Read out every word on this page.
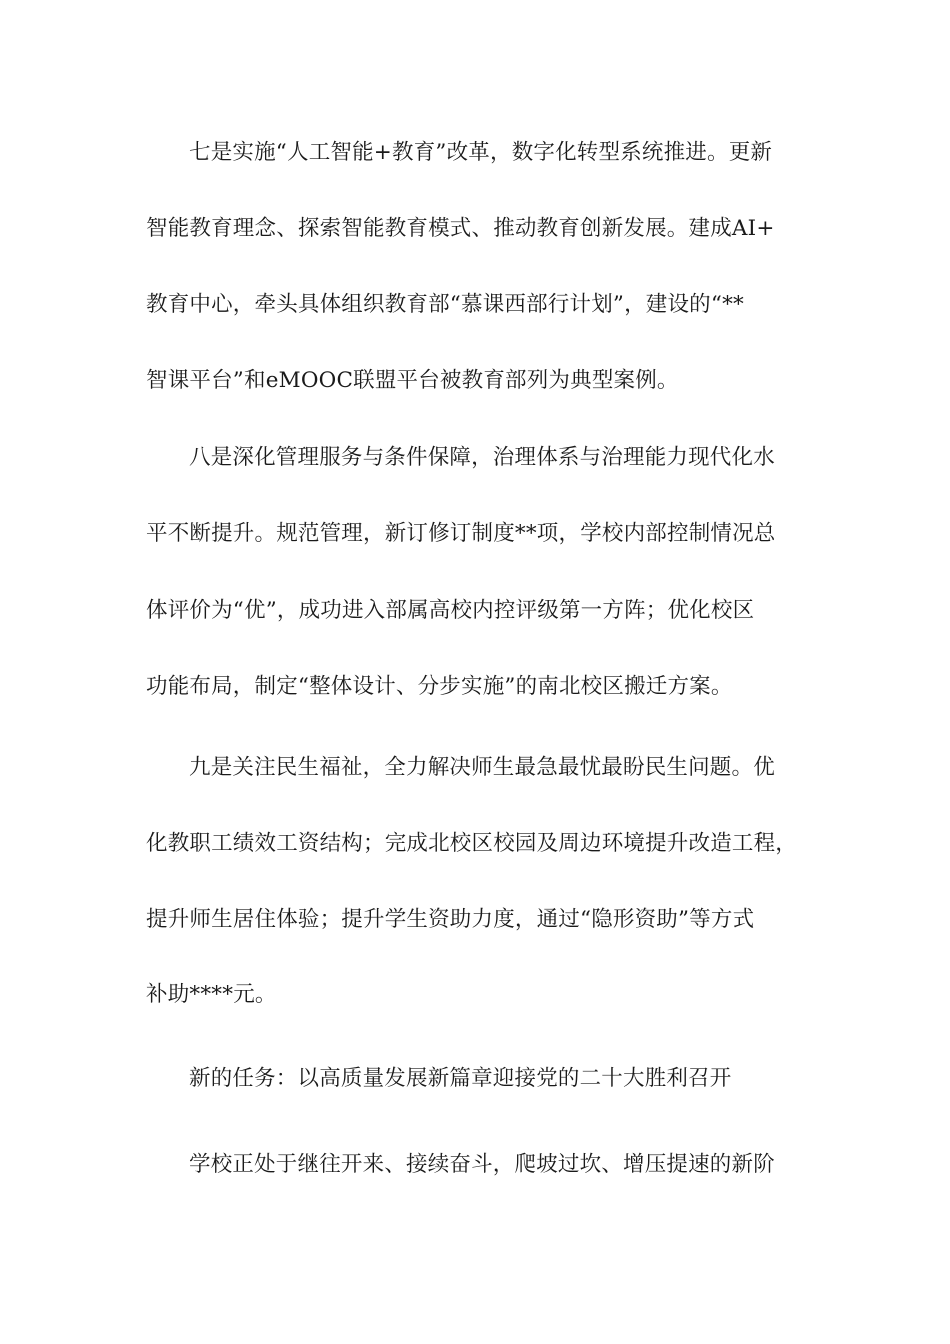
七是实施“人工智能+教育”改革，数字化转型系统推进。更新
智能教育理念、探索智能教育模式、推动教育创新发展。建成AI+
教育中心，牵头具体组织教育部“慕课西部行计划”，建设的“**
智课平台”和eMOOC联盟平台被教育部列为典型案例。
八是深化管理服务与条件保障，治理体系与治理能力现代化水
平不断提升。规范管理，新订修订制度**项，学校内部控制情况总
体评价为“优”，成功进入部属高校内控评级第一方阵；优化校区
功能布局，制定“整体设计、分步实施”的南北校区搬迁方案。
九是关注民生福祉，全力解决师生最急最忧最盼民生问题。优
化教职工绩效工资结构；完成北校区校园及周边环境提升改造工程，
提升师生居住体验；提升学生资助力度，通过“隐形资助”等方式
补助****元。
新的任务：以高质量发展新篇章迎接党的二十大胜利召开
学校正处于继往开来、接续奋斗，爬坡过坎、增压提速的新阶
